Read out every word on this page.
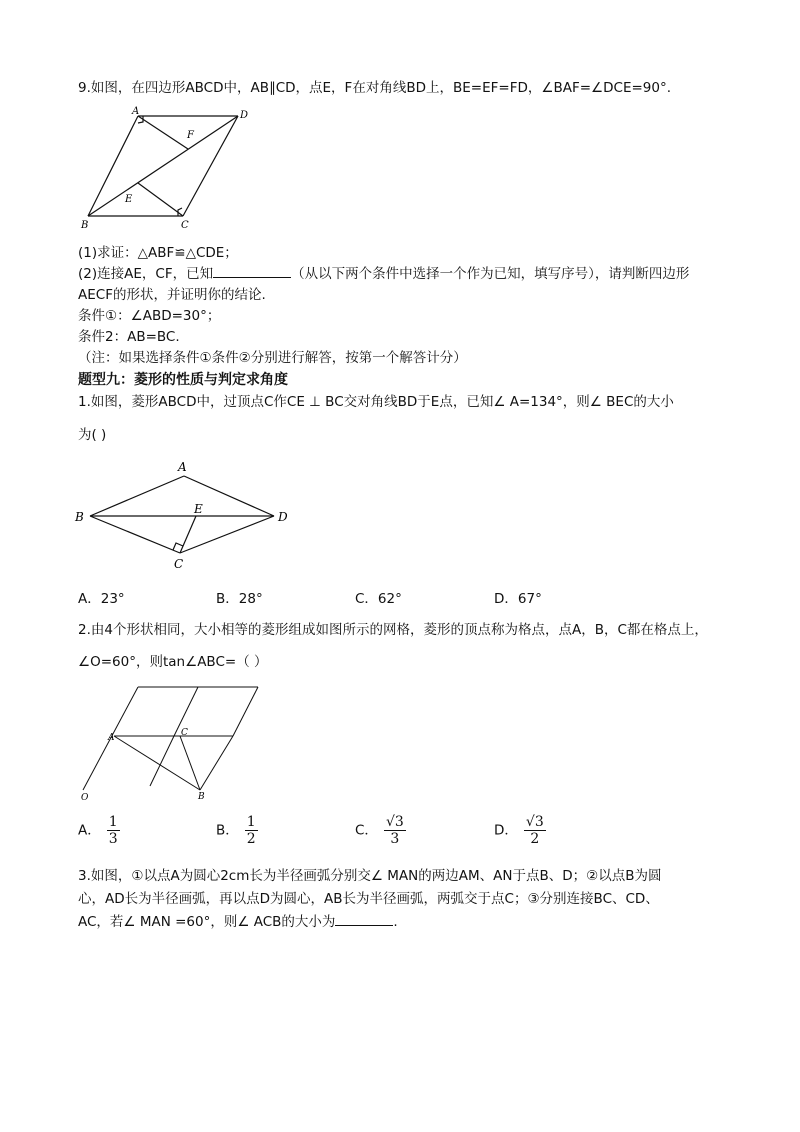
9.如图，在四边形ABCD中，AB∥CD，点E，F在对角线BD上，BE=EF=FD，∠BAF=∠DCE=90°.
A	D
F
E
B	C
(1)求证：△ABF≌△CDE；
(2)连接AE，CF，已知	（从以下两个条件中选择一个作为已知，填写序号），请判断四边形
AECF的形状，并证明你的结论.
条件①：∠ABD=30°；
条件2：AB=BC.
（注：如果选择条件①条件②分别进行解答，按第一个解答计分）
题型九：菱形的性质与判定求角度
1.如图，菱形ABCD中，过顶点C作CE ⊥ BC交对角线BD于E点，已知∠ A=134°，则∠ BEC的大小
为( )
A
B
E
D
C
A．23°	B．28°	C．62°	D．67°
2.由4个形状相同，大小相等的菱形组成如图所示的网格，菱形的顶点称为格点，点A，B，C都在格点上，
∠O=60°，则tan∠ABC=（ ）
A	C
O	B
A． $\frac{1}{3}$	B． $\frac{1}{2}$	C． $\frac{√3}{3}$	D． $\frac{√3}{2}$
3.如图，①以点A为圆心2cm长为半径画弧分别交∠ MAN的两边AM、AN于点B、D；②以点B为圆
心，AD长为半径画弧，再以点D为圆心，AB长为半径画弧，两弧交于点C；③分别连接BC、CD、
AC，若∠ MAN =60°，则∠ ACB的大小为	.
